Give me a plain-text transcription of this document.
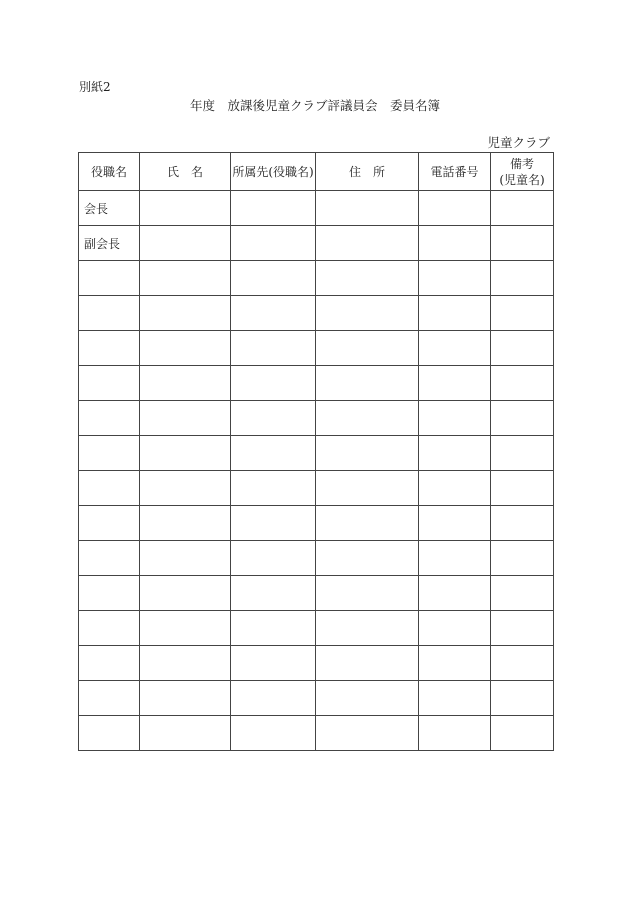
別紙2
年度　放課後児童クラブ評議員会　委員名簿
児童クラブ
役職名	氏　名	所属先(役職名)	住　所	電話番号	備考
(児童名)

会長					
副会長					
